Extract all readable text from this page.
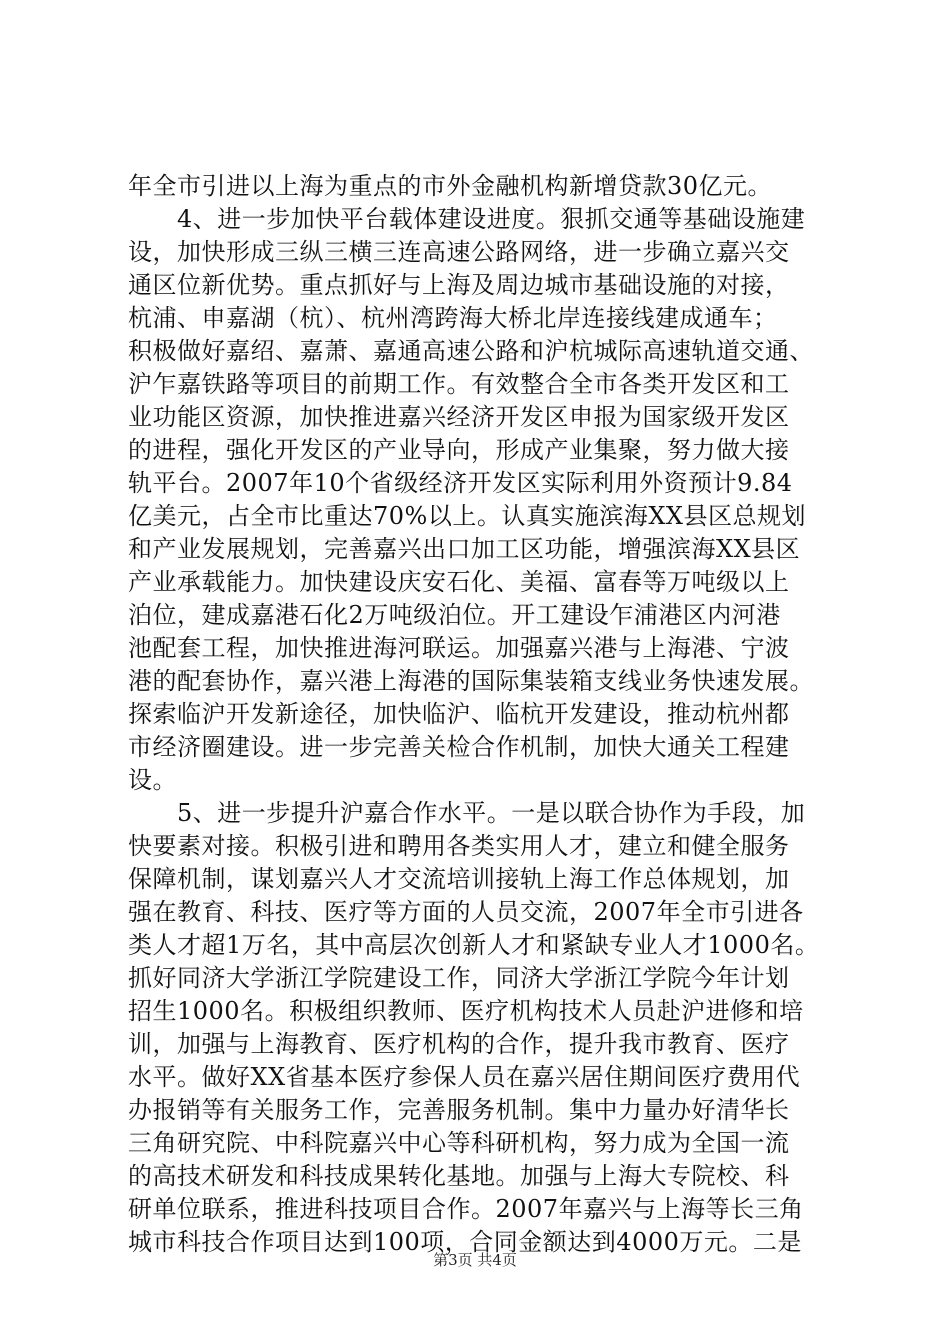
年全市引进以上海为重点的市外金融机构新增贷款30亿元。
　　4、进一步加快平台载体建设进度。狠抓交通等基础设施建
设，加快形成三纵三横三连高速公路网络，进一步确立嘉兴交
通区位新优势。重点抓好与上海及周边城市基础设施的对接，
杭浦、申嘉湖（杭）、杭州湾跨海大桥北岸连接线建成通车；
积极做好嘉绍、嘉萧、嘉通高速公路和沪杭城际高速轨道交通、
沪乍嘉铁路等项目的前期工作。有效整合全市各类开发区和工
业功能区资源，加快推进嘉兴经济开发区申报为国家级开发区
的进程，强化开发区的产业导向，形成产业集聚，努力做大接
轨平台。2007年10个省级经济开发区实际利用外资预计9.84
亿美元，占全市比重达70%以上。认真实施滨海XX县区总规划
和产业发展规划，完善嘉兴出口加工区功能，增强滨海XX县区
产业承载能力。加快建设庆安石化、美福、富春等万吨级以上
泊位，建成嘉港石化2万吨级泊位。开工建设乍浦港区内河港
池配套工程，加快推进海河联运。加强嘉兴港与上海港、宁波
港的配套协作，嘉兴港上海港的国际集装箱支线业务快速发展。
探索临沪开发新途径，加快临沪、临杭开发建设，推动杭州都
市经济圈建设。进一步完善关检合作机制，加快大通关工程建
设。
　　5、进一步提升沪嘉合作水平。一是以联合协作为手段，加
快要素对接。积极引进和聘用各类实用人才，建立和健全服务
保障机制，谋划嘉兴人才交流培训接轨上海工作总体规划，加
强在教育、科技、医疗等方面的人员交流，2007年全市引进各
类人才超1万名，其中高层次创新人才和紧缺专业人才1000名。
抓好同济大学浙江学院建设工作，同济大学浙江学院今年计划
招生1000名。积极组织教师、医疗机构技术人员赴沪进修和培
训，加强与上海教育、医疗机构的合作，提升我市教育、医疗
水平。做好XX省基本医疗参保人员在嘉兴居住期间医疗费用代
办报销等有关服务工作，完善服务机制。集中力量办好清华长
三角研究院、中科院嘉兴中心等科研机构，努力成为全国一流
的高技术研发和科技成果转化基地。加强与上海大专院校、科
研单位联系，推进科技项目合作。2007年嘉兴与上海等长三角
城市科技合作项目达到100项，合同金额达到4000万元。二是
第3页 共4页
